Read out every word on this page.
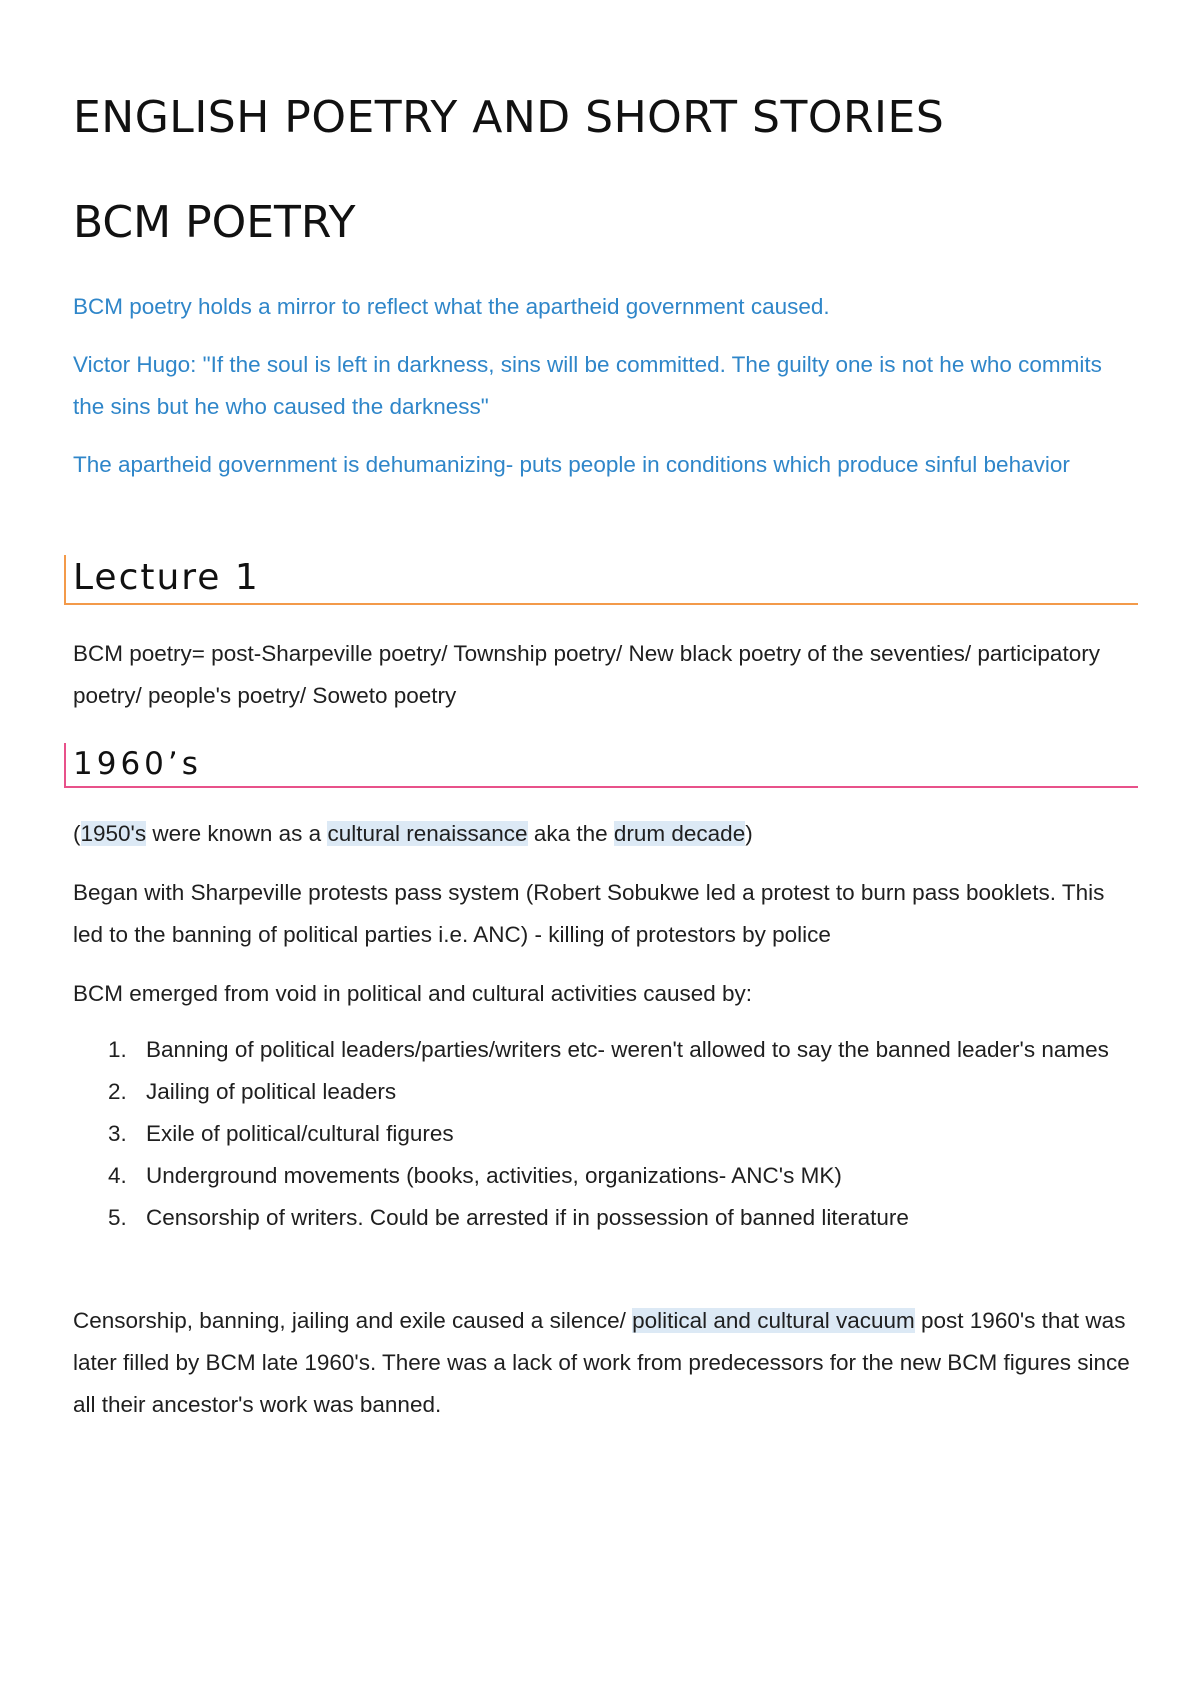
ENGLISH POETRY AND SHORT STORIES
BCM POETRY

BCM poetry holds a mirror to reflect what the apartheid government caused.

Victor Hugo: "If the soul is left in darkness, sins will be committed. The guilty one is not he who commits the sins but he who caused the darkness"

The apartheid government is dehumanizing- puts people in conditions which produce sinful behavior

Lecture 1

BCM poetry= post-Sharpeville poetry/ Township poetry/ New black poetry of the seventies/ participatory poetry/ people's poetry/ Soweto poetry

1960’s

(1950's were known as a cultural renaissance aka the drum decade)

Began with Sharpeville protests pass system (Robert Sobukwe led a protest to burn pass booklets. This led to the banning of political parties i.e. ANC) - killing of protestors by police

BCM emerged from void in political and cultural activities caused by:

1. Banning of political leaders/parties/writers etc- weren't allowed to say the banned leader's names
2. Jailing of political leaders
3. Exile of political/cultural figures
4. Underground movements (books, activities, organizations- ANC's MK)
5. Censorship of writers. Could be arrested if in possession of banned literature

Censorship, banning, jailing and exile caused a silence/ political and cultural vacuum post 1960's that was later filled by BCM late 1960's. There was a lack of work from predecessors for the new BCM figures since all their ancestor's work was banned.
